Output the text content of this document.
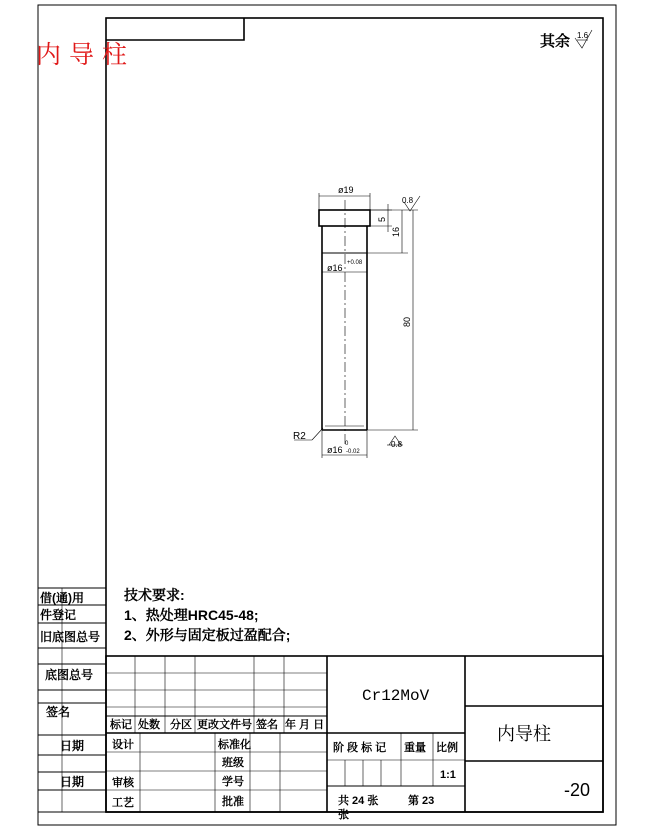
内 导 柱	其余 1.6
ø19
5
16
80
0.8
ø16 +0.08
R2
ø16
0
-0.02
0.8
技术要求:
1、热处理HRC45-48;
2、外形与固定板过盈配合;
借(通)用
件登记
旧底图总号
底图总号
签名
日期
日期
标记 处数 分区 更改文件号 签名 年 月 日
设计
审核
工艺
标准化
班级
学号
批准
Cr12MoV
阶 段 标 记 重量 比例
1:1
共 24 张	第 23
张
内导柱
-20
